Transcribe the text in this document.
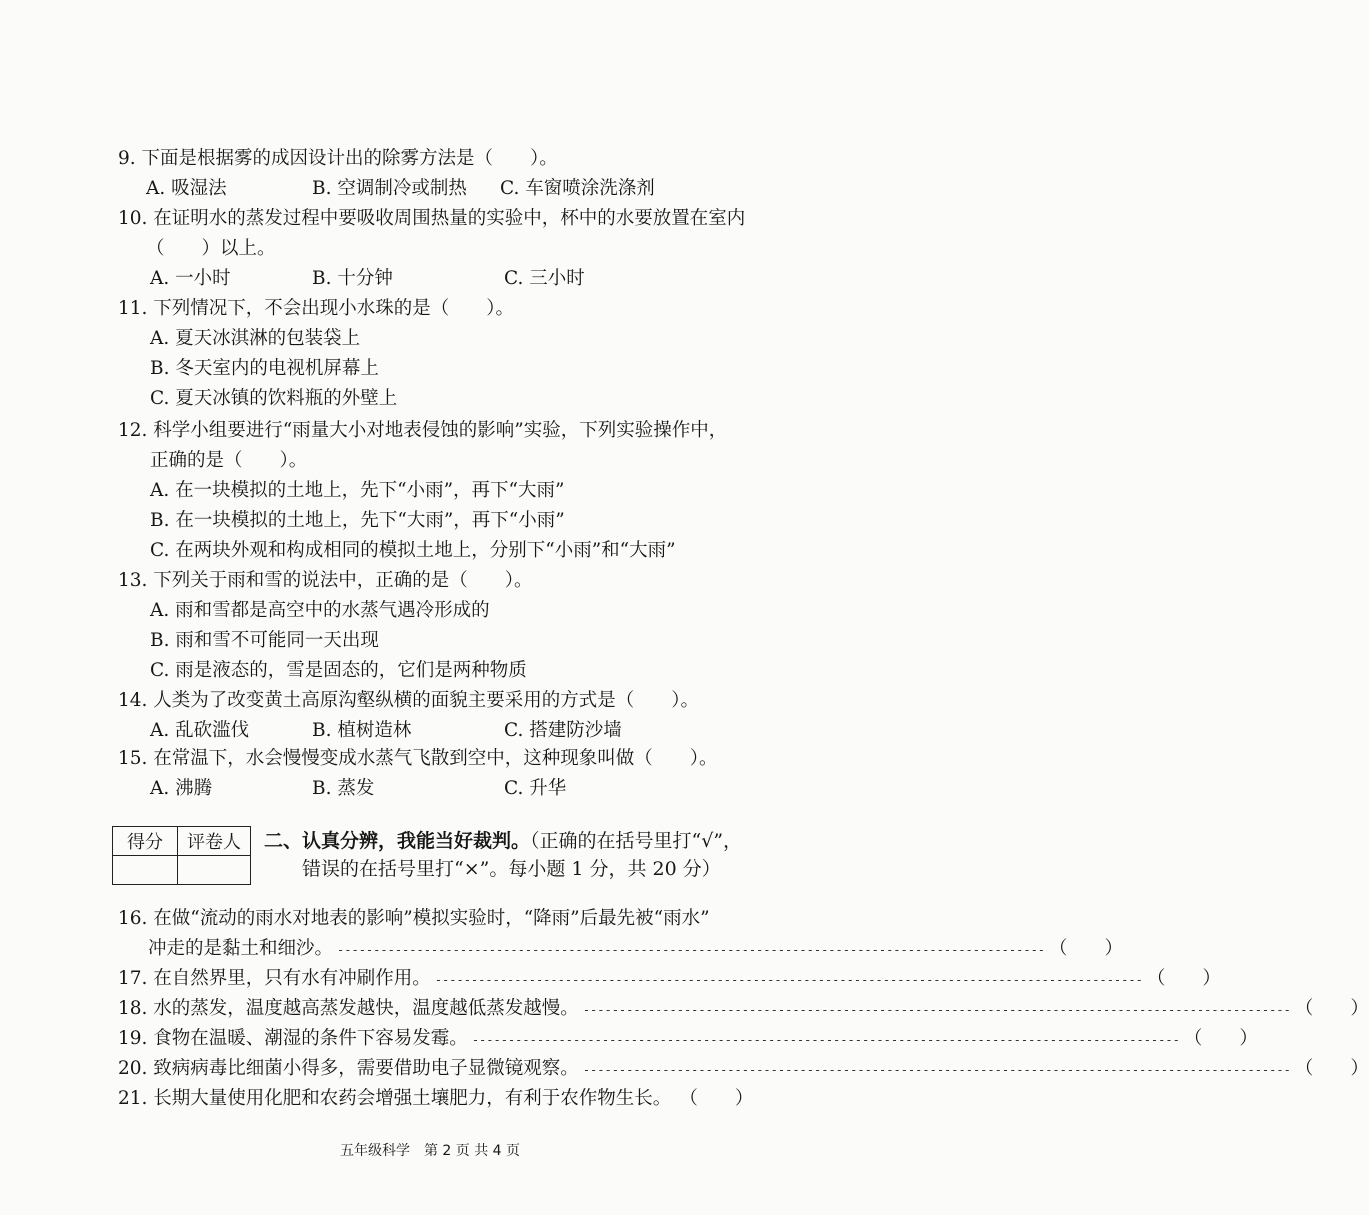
9. 下面是根据雾的成因设计出的除雾方法是（　　）。
A. 吸湿法	B. 空调制冷或制热 C. 车窗喷涂洗涤剂
10. 在证明水的蒸发过程中要吸收周围热量的实验中，杯中的水要放置在室内
（　　）以上。
A. 一小时	B. 十分钟	C. 三小时
11. 下列情况下，不会出现小水珠的是（　　）。
A. 夏天冰淇淋的包装袋上
B. 冬天室内的电视机屏幕上
C. 夏天冰镇的饮料瓶的外壁上
12. 科学小组要进行“雨量大小对地表侵蚀的影响”实验，下列实验操作中，
正确的是（　　）。
A. 在一块模拟的土地上，先下“小雨”，再下“大雨”
B. 在一块模拟的土地上，先下“大雨”，再下“小雨”
C. 在两块外观和构成相同的模拟土地上，分别下“小雨”和“大雨”
13. 下列关于雨和雪的说法中，正确的是（　　）。
A. 雨和雪都是高空中的水蒸气遇冷形成的
B. 雨和雪不可能同一天出现
C. 雨是液态的，雪是固态的，它们是两种物质
14. 人类为了改变黄土高原沟壑纵横的面貌主要采用的方式是（　　）。
A. 乱砍滥伐	B. 植树造林	C. 搭建防沙墙
15. 在常温下，水会慢慢变成水蒸气飞散到空中，这种现象叫做（　　）。
A. 沸腾	B. 蒸发	C. 升华
得分	评卷人
	二、认真分辨，我能当好裁判。（正确的在括号里打“√”，
错误的在括号里打“×”。每小题 1 分，共 20 分）
16. 在做“流动的雨水对地表的影响”模拟实验时，“降雨”后最先被“雨水”
冲走的是黏土和细沙。 -------------------------------------------------------------------------------------------------- （　　）
17. 在自然界里，只有水有冲刷作用。 -------------------------------------------------------------------------------------------------- （　　）
18. 水的蒸发，温度越高蒸发越快，温度越低蒸发越慢。 -------------------------------------------------------------------------------------------------- （　　）
19. 食物在温暖、潮湿的条件下容易发霉。 -------------------------------------------------------------------------------------------------- （　　）
20. 致病病毒比细菌小得多，需要借助电子显微镜观察。 -------------------------------------------------------------------------------------------------- （　　）
21. 长期大量使用化肥和农药会增强土壤肥力，有利于农作物生长。 （　　）
五年级科学　第 2 页 共 4 页
